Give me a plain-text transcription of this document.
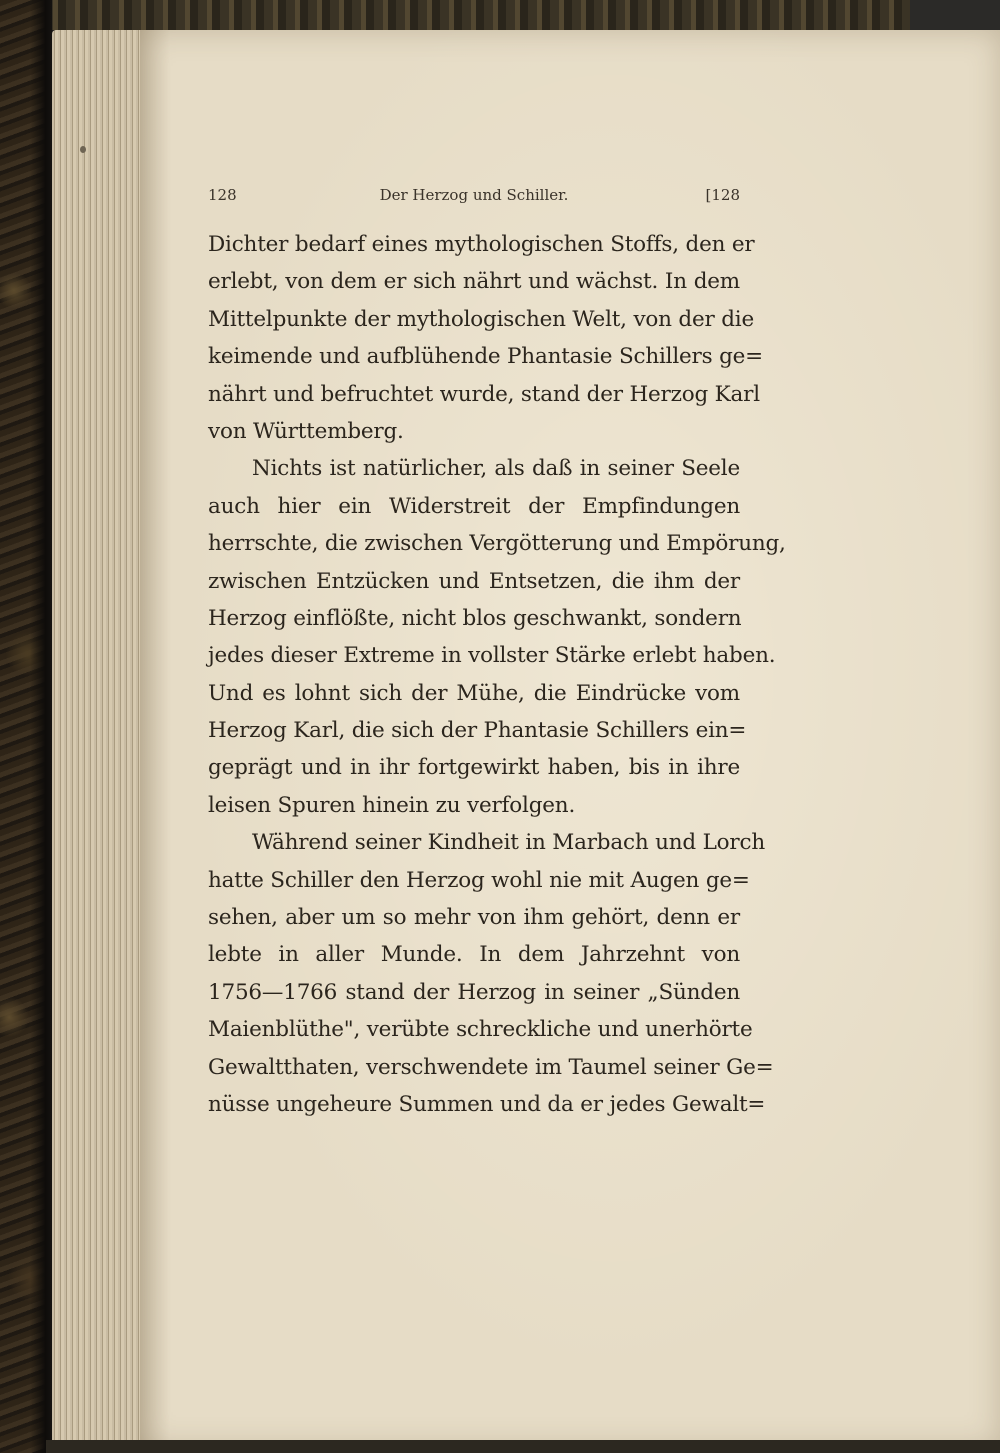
128	Der Herzog und Schiller.	[128
Dichter bedarf eines mythologischen Stoffs, den er
erlebt, von dem er sich nährt und wächst. In dem
Mittelpunkte der mythologischen Welt, von der die
keimende und aufblühende Phantasie Schillers ge=
nährt und befruchtet wurde, stand der Herzog Karl
von Württemberg.
Nichts ist natürlicher, als daß in seiner Seele
auch hier ein Widerstreit der Empfindungen
herrschte, die zwischen Vergötterung und Empörung,
zwischen Entzücken und Entsetzen, die ihm der
Herzog einflößte, nicht blos geschwankt, sondern
jedes dieser Extreme in vollster Stärke erlebt haben.
Und es lohnt sich der Mühe, die Eindrücke vom
Herzog Karl, die sich der Phantasie Schillers ein=
geprägt und in ihr fortgewirkt haben, bis in ihre
leisen Spuren hinein zu verfolgen.
Während seiner Kindheit in Marbach und Lorch
hatte Schiller den Herzog wohl nie mit Augen ge=
sehen, aber um so mehr von ihm gehört, denn er
lebte in aller Munde. In dem Jahrzehnt von
1756—1766 stand der Herzog in seiner „Sünden
Maienblüthe", verübte schreckliche und unerhörte
Gewaltthaten, verschwendete im Taumel seiner Ge=
nüsse ungeheure Summen und da er jedes Gewalt=
